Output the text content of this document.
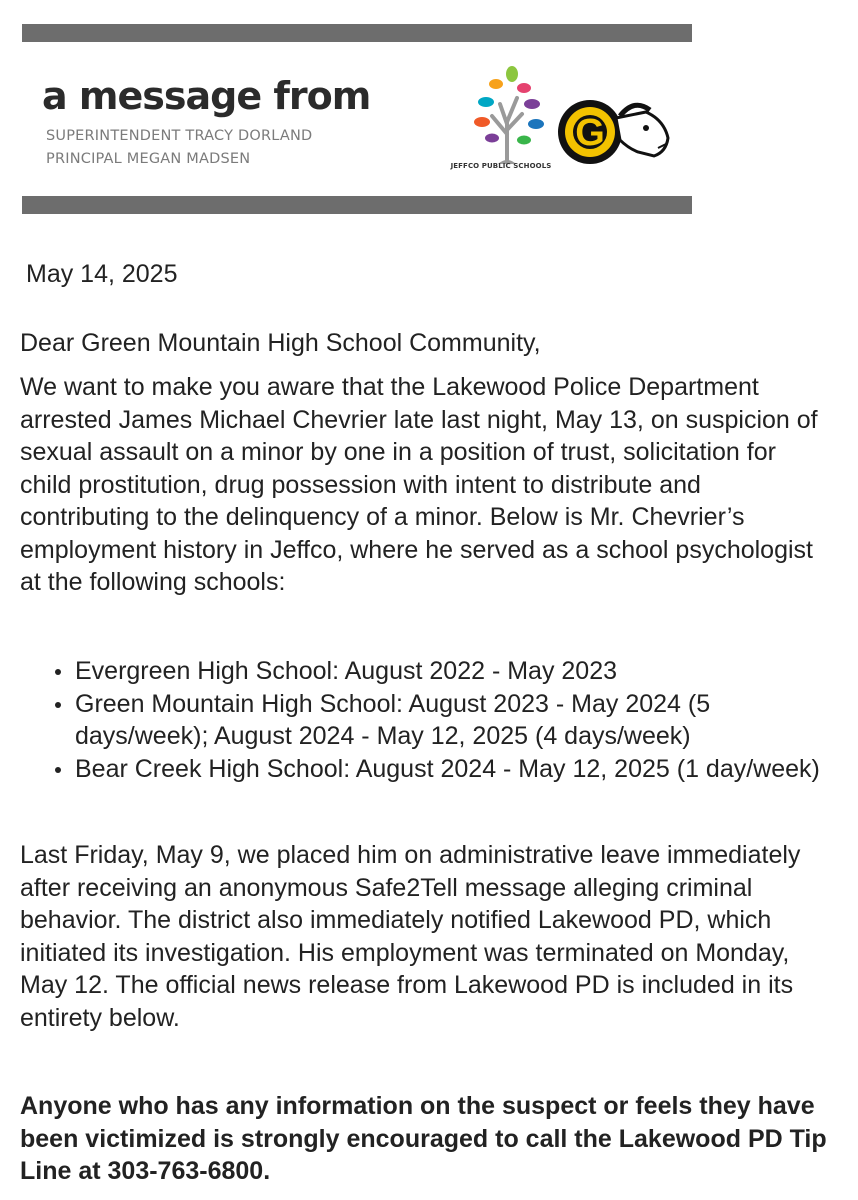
a message from
SUPERINTENDENT TRACY DORLAND
PRINCIPAL MEGAN MADSEN	JEFFCO PUBLIC SCHOOLS
G
May 14, 2025
Dear Green Mountain High School Community,
We want to make you aware that the Lakewood Police Department arrested James Michael Chevrier late last night, May 13, on suspicion of sexual assault on a minor by one in a position of trust, solicitation for child prostitution, drug possession with intent to distribute and contributing to the delinquency of a minor. Below is Mr. Chevrier’s employment history in Jeffco, where he served as a school psychologist at the following schools:
Evergreen High School: August 2022 - May 2023
Green Mountain High School: August 2023 - May 2024 (5 days/week); August 2024 - May 12, 2025 (4 days/week)
Bear Creek High School: August 2024 - May 12, 2025 (1 day/week)
Last Friday, May 9, we placed him on administrative leave immediately after receiving an anonymous Safe2Tell message alleging criminal behavior. The district also immediately notified Lakewood PD, which initiated its investigation. His employment was terminated on Monday, May 12. The official news release from Lakewood PD is included in its entirety below.
Anyone who has any information on the suspect or feels they have been victimized is strongly encouraged to call the Lakewood PD Tip Line at 303-763-6800.
